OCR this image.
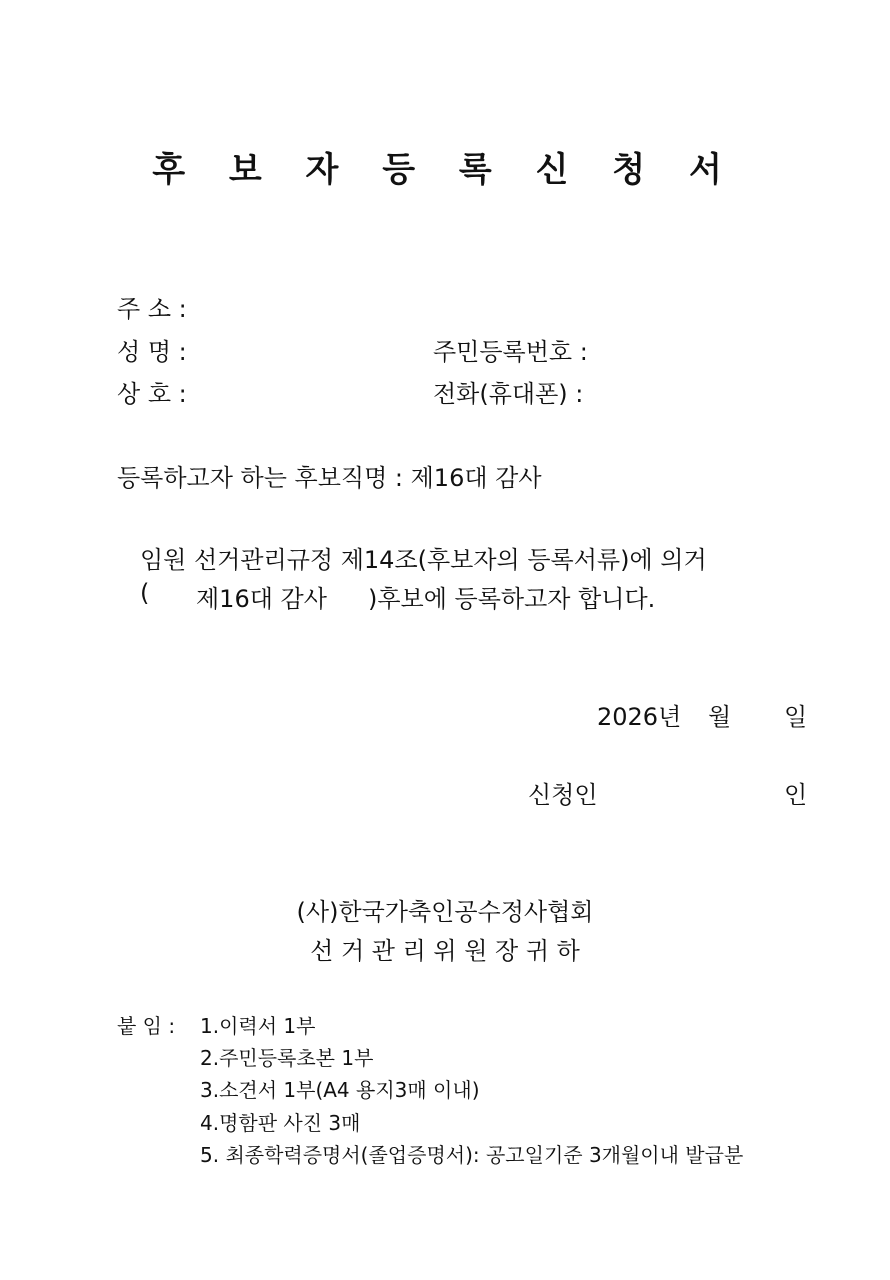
후 보 자 등 록 신 청 서
주 소 :
성 명 :	주민등록번호 :
상 호 :	전화(휴대폰) :
등록하고자 하는 후보직명 : 제16대 감사
임원 선거관리규정 제14조(후보자의 등록서류)에 의거
( 제16대 감사 )후보에 등록하고자 합니다.
2026년 월 일
신청인	인
(사)한국가축인공수정사협회
선 거 관 리 위 원 장 귀 하
붙 임 : 1.이력서 1부
2.주민등록초본 1부
3.소견서 1부(A4 용지3매 이내)
4.명함판 사진 3매
5. 최종학력증명서(졸업증명서): 공고일기준 3개월이내 발급분
